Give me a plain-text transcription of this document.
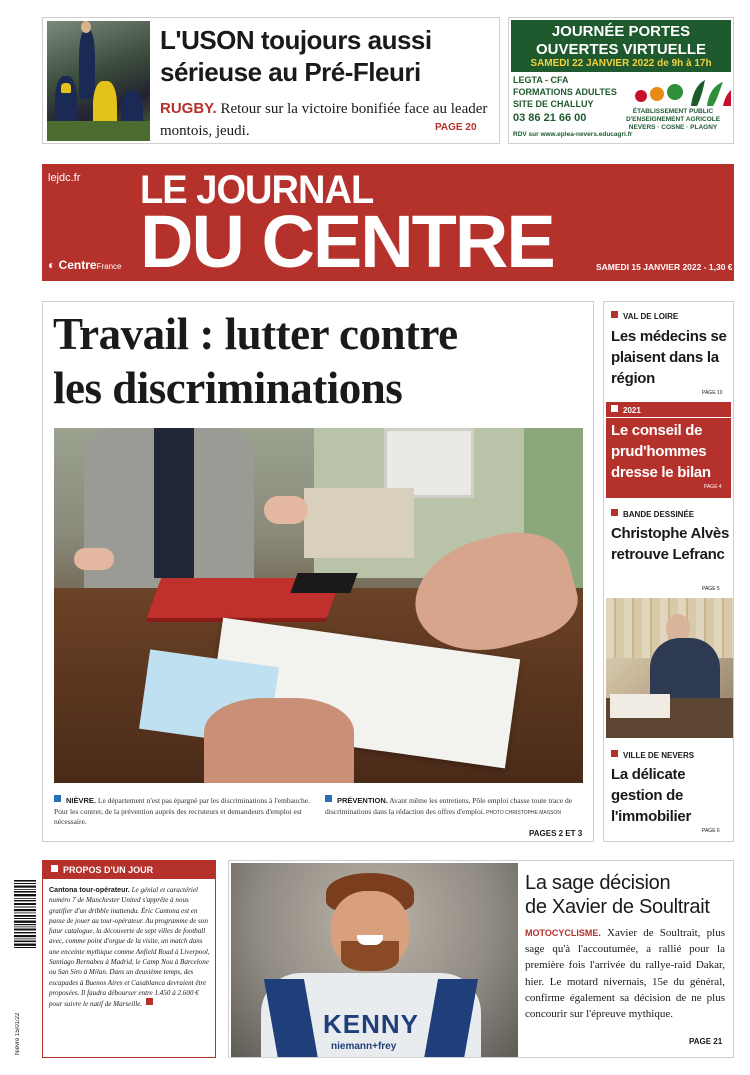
L'USON toujours aussi
sérieuse au Pré-Fleuri
RUGBY. Retour sur la victoire bonifiée face au leader montois, jeudi.	PAGE 20
JOURNÉE PORTES
OUVERTES VIRTUELLE
SAMEDI 22 JANVIER 2022 de 9h à 17h
LEGTA - CFA
FORMATIONS ADULTES
SITE DE CHALLUY
03 86 21 66 00
ÉTABLISSEMENT PUBLIC
D'ENSEIGNEMENT AGRICOLE
NEVERS · COSNE · PLAGNY
RDV sur www.eplea-nevers.educagri.fr
lejdc.fr LE JOURNAL
DU CENTRE
◐ CentreFrance	SAMEDI 15 JANVIER 2022 - 1,30 €
Travail : lutter contre
les discriminations
NIÈVRE. Le département n'est pas épargné par les discriminations à l'embauche. Pour les contrer, de la prévention auprès des recruteurs et demandeurs d'emploi est nécessaire.
PRÉVENTION. Avant même les entretiens, Pôle emploi chasse toute trace de discriminations dans la rédaction des offres d'emploi. PHOTO CHRISTOPHE MASSON
PAGES 2 ET 3
VAL DE LOIRE
Les médecins se plaisent dans la région
PAGE 10
2021
Le conseil de prud'hommes dresse le bilan
PAGE 4
BANDE DESSINÉE
Christophe Alvès retrouve Lefranc
PAGE 5
VILLE DE NEVERS
La délicate gestion de l'immobilier
PAGE 6
Nièvre 15/01/22
PROPOS D'UN JOUR
Cantona tour-opérateur. Le génial et caractériel numéro 7 de Manchester United s'apprête à nous gratifier d'un dribble inattendu. Éric Cantona est en passe de jouer au tour-opérateur. Au programme de son futur catalogue, la découverte de sept villes de football avec, comme point d'orgue de la visite, un match dans une enceinte mythique comme Anfield Road à Liverpool, Santiago Bernabeu à Madrid, le Camp Nou à Barcelone ou San Siro à Milan. Dans un deuxième temps, des escapades à Buenos Aires et Casablanca devraient être proposées. Il faudra débourser entre 1.450 à 2.600 € pour suivre le natif de Marseille.
KENNY
niemann+frey
La sage décision
de Xavier de Soultrait
MOTOCYCLISME. Xavier de Soultrait, plus sage qu'à l'accoutumée, a rallié pour la première fois l'arrivée du rallye-raid Dakar, hier. Le motard nivernais, 15e du général, confirme également sa décision de ne plus concourir sur l'épreuve mythique.
PAGE 21
